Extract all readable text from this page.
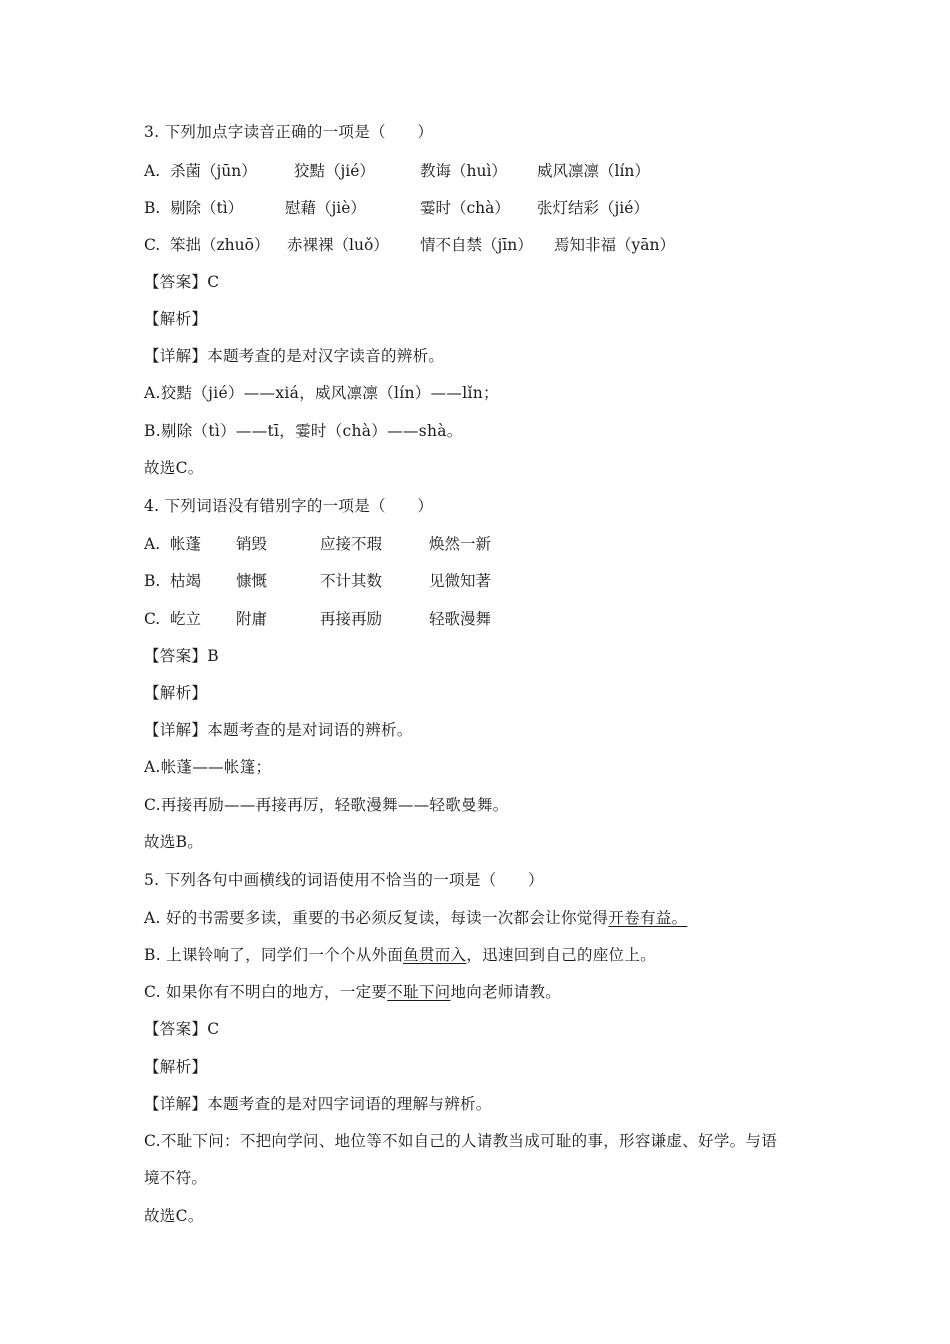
3. 下列加点字读音正确的一项是（　　）
A. 杀菌（jūn） 狡黠（jié）	教诲（huì） 威风凛凛（lín）
B. 剔除（tì）	慰藉（jiè）	霎时（chà） 张灯结彩（jié）
C. 笨拙（zhuō） 赤裸裸（luǒ） 情不自禁（jīn） 焉知非福（yān）
【答案】C
【解析】
【详解】本题考查的是对汉字读音的辨析。
A.狡黠（jié）——xiá，威风凛凛（lín）——lǐn；
B.剔除（tì）——tī，霎时（chà）——shà。
故选C。
4. 下列词语没有错别字的一项是（　　）
A. 帐蓬 销毁	应接不瑕	焕然一新
B. 枯竭 慷慨	不计其数	见微知著
C. 屹立 附庸	再接再励	轻歌漫舞
【答案】B
【解析】
【详解】本题考查的是对词语的辨析。
A.帐蓬——帐篷；
C.再接再励——再接再厉，轻歌漫舞——轻歌曼舞。
故选B。
5. 下列各句中画横线的词语使用不恰当的一项是（　　）
A. 好的书需要多读，重要的书必须反复读，每读一次都会让你觉得开卷有益。
B. 上课铃响了，同学们一个个从外面鱼贯而入，迅速回到自己的座位上。
C. 如果你有不明白的地方，一定要不耻下问地向老师请教。
【答案】C
【解析】
【详解】本题考查的是对四字词语的理解与辨析。
C.不耻下问：不把向学问、地位等不如自己的人请教当成可耻的事，形容谦虚、好学。与语
境不符。
故选C。
